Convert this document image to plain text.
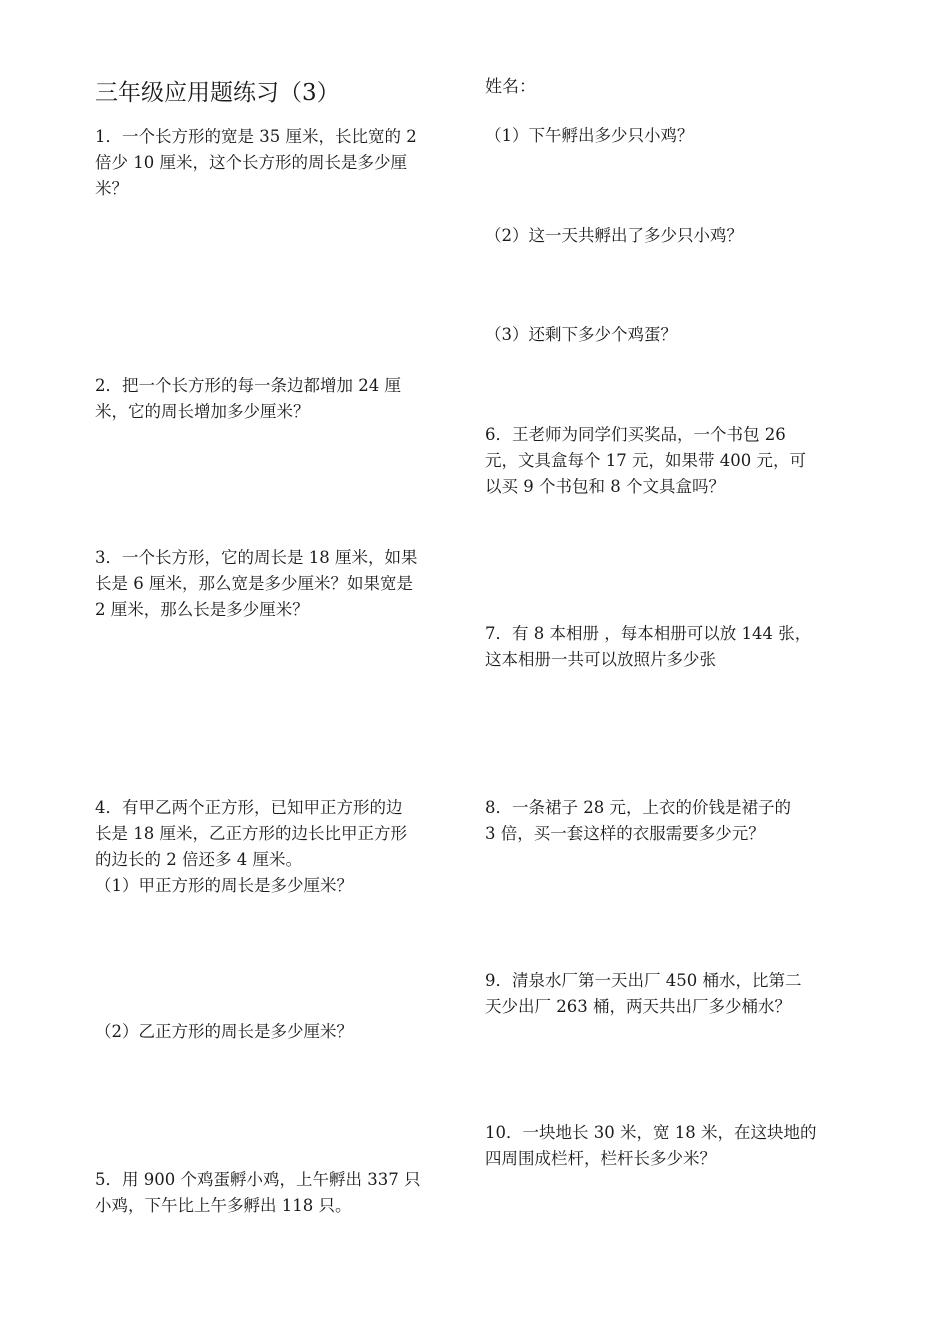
三年级应用题练习（3）	姓名：
1．一个长方形的宽是 35 厘米，长比宽的 2
倍少 10 厘米，这个长方形的周长是多少厘
米？
2．把一个长方形的每一条边都增加 24 厘
米，它的周长增加多少厘米？
3．一个长方形，它的周长是 18 厘米，如果
长是 6 厘米，那么宽是多少厘米？如果宽是
2 厘米，那么长是多少厘米？
4．有甲乙两个正方形，已知甲正方形的边
长是 18 厘米，乙正方形的边长比甲正方形
的边长的 2 倍还多 4 厘米。
（1）甲正方形的周长是多少厘米？
（2）乙正方形的周长是多少厘米？
5．用 900 个鸡蛋孵小鸡，上午孵出 337 只
小鸡，下午比上午多孵出 118 只。
（1）下午孵出多少只小鸡？
（2）这一天共孵出了多少只小鸡？
（3）还剩下多少个鸡蛋？
6．王老师为同学们买奖品，一个书包 26
元，文具盒每个 17 元，如果带 400 元，可
以买 9 个书包和 8 个文具盒吗？
7．有 8 本相册 ，每本相册可以放 144 张，
这本相册一共可以放照片多少张
8．一条裙子 28 元，上衣的价钱是裙子的
3 倍，买一套这样的衣服需要多少元？
9．清泉水厂第一天出厂 450 桶水，比第二
天少出厂 263 桶，两天共出厂多少桶水？
10．一块地长 30 米，宽 18 米，在这块地的
四周围成栏杆，栏杆长多少米？
